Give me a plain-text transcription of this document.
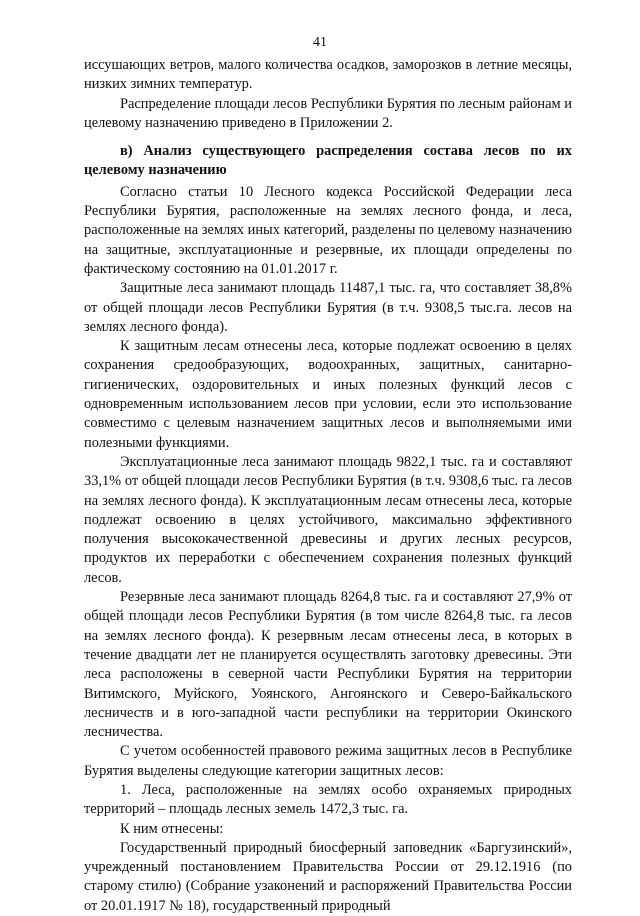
41

иссушающих ветров, малого количества осадков, заморозков в летние месяцы, низких зимних температур.

Распределение площади лесов Республики Бурятия по лесным районам и целевому назначению приведено в Приложении 2.

в) Анализ существующего распределения состава лесов по их целевому назначению

Согласно статьи 10 Лесного кодекса Российской Федерации леса Республики Бурятия, расположенные на землях лесного фонда, и леса, расположенные на землях иных категорий, разделены по целевому назначению на защитные, эксплуатационные и резервные, их площади определены по фактическому состоянию на 01.01.2017 г.

Защитные леса занимают площадь 11487,1 тыс. га, что составляет 38,8% от общей площади лесов Республики Бурятия (в т.ч. 9308,5 тыс.га. лесов на землях лесного фонда).

К защитным лесам отнесены леса, которые подлежат освоению в целях сохранения средообразующих, водоохранных, защитных, санитарно-гигиенических, оздоровительных и иных полезных функций лесов с одновременным использованием лесов при условии, если это использование совместимо с целевым назначением защитных лесов и выполняемыми ими полезными функциями.

Эксплуатационные леса занимают площадь 9822,1 тыс. га и составляют 33,1% от общей площади лесов Республики Бурятия (в т.ч. 9308,6 тыс. га лесов на землях лесного фонда). К эксплуатационным лесам отнесены леса, которые подлежат освоению в целях устойчивого, максимально эффективного получения высококачественной древесины и других лесных ресурсов, продуктов их переработки с обеспечением сохранения полезных функций лесов.

Резервные леса занимают площадь 8264,8 тыс. га и составляют 27,9% от общей площади лесов Республики Бурятия (в том числе 8264,8 тыс. га лесов на землях лесного фонда). К резервным лесам отнесены леса, в которых в течение двадцати лет не планируется осуществлять заготовку древесины. Эти леса расположены в северной части Республики Бурятия на территории Витимского, Муйского, Уоянского, Ангоянского и Северо-Байкальского лесничеств и в юго-западной части республики на территории Окинского лесничества.

С учетом особенностей правового режима защитных лесов в Республике Бурятия выделены следующие категории защитных лесов:

1. Леса, расположенные на землях особо охраняемых природных территорий – площадь лесных земель 1472,3 тыс. га.

К ним отнесены:

Государственный природный биосферный заповедник «Баргузинский», учрежденный постановлением Правительства России от 29.12.1916 (по старому стилю) (Собрание узаконений и распоряжений Правительства России от 20.01.1917 № 18), государственный природный
